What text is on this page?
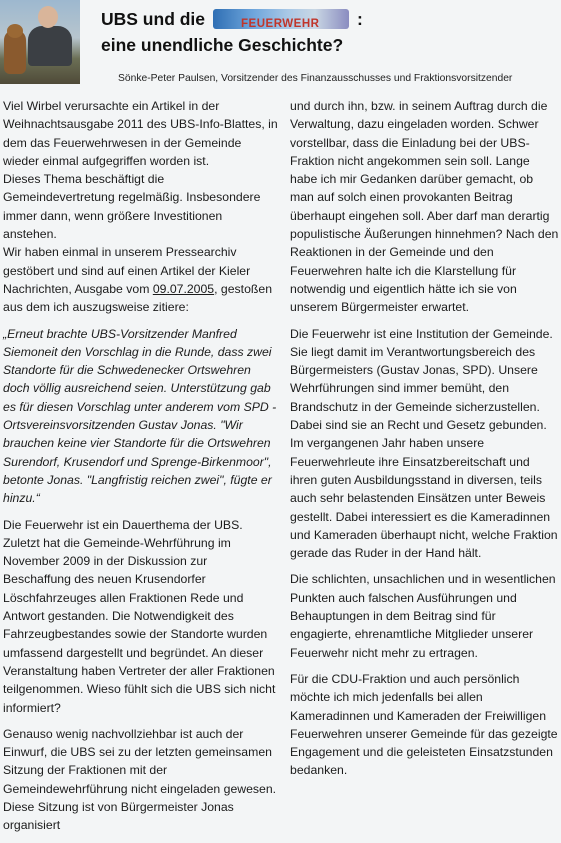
UBS und die	FEUERWEHR :
eine unendliche Geschichte?
Sönke-Peter Paulsen, Vorsitzender des Finanzausschusses und Fraktionsvorsitzender

Viel Wirbel verursachte ein Artikel in der Weihnachtsausgabe 2011 des UBS-Info-Blattes, in dem das Feuerwehrwesen in der Gemeinde wieder einmal aufgegriffen worden ist.

Dieses Thema beschäftigt die Gemeindevertretung regelmäßig. Insbesondere immer dann, wenn größere Investitionen anstehen.

Wir haben einmal in unserem Pressearchiv gestöbert und sind auf einen Artikel der Kieler Nachrichten, Ausgabe vom 09.07.2005, gestoßen aus dem ich auszugsweise zitiere:

„Erneut brachte UBS-Vorsitzender Manfred Siemoneit den Vorschlag in die Runde, dass zwei Standorte für die Schwedenecker Ortswehren doch völlig ausreichend seien. Unterstützung gab es für diesen Vorschlag unter anderem vom SPD -Ortsvereinsvorsitzenden Gustav Jonas. "Wir brauchen keine vier Standorte für die Ortswehren Surendorf, Krusendorf und Sprenge-Birkenmoor", betonte Jonas. "Langfristig reichen zwei", fügte er hinzu.“

Die Feuerwehr ist ein Dauerthema der UBS. Zuletzt hat die Gemeinde-Wehrführung im November 2009 in der Diskussion zur Beschaffung des neuen Krusendorfer Löschfahrzeuges allen Fraktionen Rede und Antwort gestanden. Die Notwendigkeit des Fahrzeugbestandes sowie der Standorte wurden umfassend dargestellt und begründet. An dieser Veranstaltung haben Vertreter der aller Fraktionen teilgenommen. Wieso fühlt sich die UBS sich nicht informiert?

Genauso wenig nachvollziehbar ist auch der Einwurf, die UBS sei zu der letzten gemeinsamen Sitzung der Fraktionen mit der Gemeindewehrführung nicht eingeladen gewesen. Diese Sitzung ist von Bürgermeister Jonas organisiert

und durch ihn, bzw. in seinem Auftrag durch die Verwaltung, dazu eingeladen worden. Schwer vorstellbar, dass die Einladung bei der UBS-Fraktion nicht angekommen sein soll. Lange habe ich mir Gedanken darüber gemacht, ob man auf solch einen provokanten Beitrag überhaupt eingehen soll. Aber darf man derartig populistische Äußerungen hinnehmen? Nach den Reaktionen in der Gemeinde und den Feuerwehren halte ich die Klarstellung für notwendig und eigentlich hätte ich sie von unserem Bürgermeister erwartet.

Die Feuerwehr ist eine Institution der Gemeinde. Sie liegt damit im Verantwortungsbereich des Bürgermeisters (Gustav Jonas, SPD). Unsere Wehrführungen sind immer bemüht, den Brandschutz in der Gemeinde sicherzustellen. Dabei sind sie an Recht und Gesetz gebunden. Im vergangenen Jahr haben unsere Feuerwehrleute ihre Einsatzbereitschaft und ihren guten Ausbildungsstand in diversen, teils auch sehr belastenden Einsätzen unter Beweis gestellt. Dabei interessiert es die Kameradinnen und Kameraden überhaupt nicht, welche Fraktion gerade das Ruder in der Hand hält.

Die schlichten, unsachlichen und in wesentlichen Punkten auch falschen Ausführungen und Behauptungen in dem Beitrag sind für engagierte, ehrenamtliche Mitglieder unserer Feuerwehr nicht mehr zu ertragen.

Für die CDU-Fraktion und auch persönlich möchte ich mich jedenfalls bei allen Kameradinnen und Kameraden der Freiwilligen Feuerwehren unserer Gemeinde für das gezeigte Engagement und die geleisteten Einsatzstunden bedanken.
